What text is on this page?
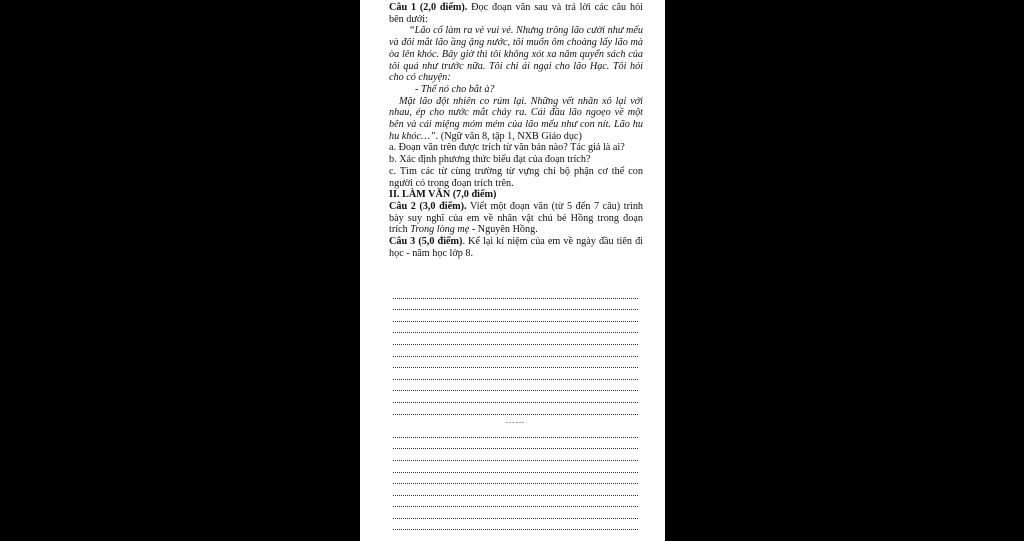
Câu 1 (2,0 điểm). Đọc đoạn văn sau và trả lời các câu hỏi bên dưới:

“Lão cố làm ra vẻ vui vẻ. Nhưng trông lão cười như mếu và đôi mắt lão ầng ậng nước, tôi muốn ôm choàng lấy lão mà òa lên khóc. Bây giờ thì tôi không xót xa năm quyển sách của tôi quá như trước nữa. Tôi chỉ ái ngại cho lão Hạc. Tôi hỏi cho có chuyện:

- Thế nó cho bắt à?

Mặt lão đột nhiên co rúm lại. Những vết nhăn xô lại với nhau, ép cho nước mắt chảy ra. Cái đầu lão ngoẹo về một bên và cái miệng móm mém của lão mếu như con nít. Lão hu hu khóc…”. (Ngữ văn 8, tập 1, NXB Giáo dục)

a. Đoạn văn trên được trích từ văn bản nào? Tác giả là ai?

b. Xác định phương thức biểu đạt của đoạn trích?

c. Tìm các từ cùng trường từ vựng chỉ bộ phận cơ thể con người có trong đoạn trích trên.

II. LÀM VĂN (7,0 điểm)

Câu 2 (3,0 điểm). Viết một đoạn văn (từ 5 đến 7 câu) trình bày suy nghĩ của em về nhân vật chú bé Hồng trong đoạn trích Trong lòng mẹ - Nguyên Hồng.

Câu 3 (5,0 điểm). Kể lại kỉ niệm của em về ngày đầu tiên đi học - năm học lớp 8.

……
